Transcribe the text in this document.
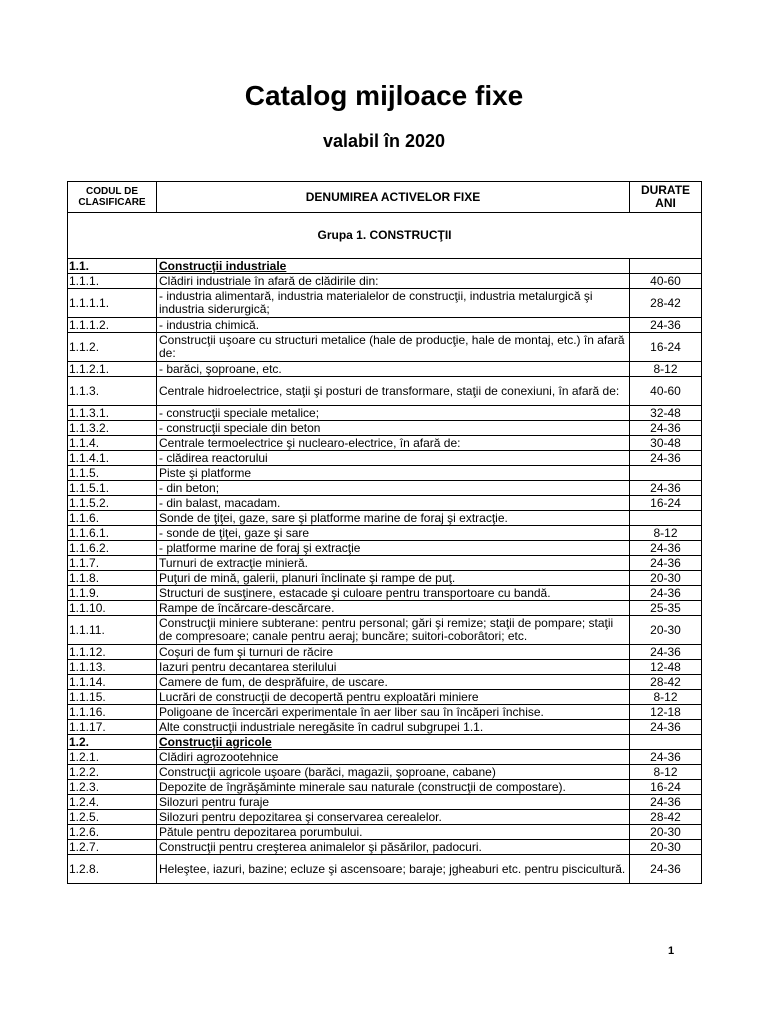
Catalog mijloace fixe
valabil în 2020
CODUL DE CLASIFICARE	DENUMIREA ACTIVELOR FIXE	DURATE ANI
Grupa 1. CONSTRUCŢII		
1.1.	Construcţii industriale	
1.1.1.	Clădiri industriale în afară de clădirile din:	40-60
1.1.1.1.	- industria alimentară, industria materialelor de construcţii, industria metalurgică şi industria siderurgică;	28-42
1.1.1.2.	- industria chimică.	24-36
1.1.2.	Construcţii uşoare cu structuri metalice (hale de producţie, hale de montaj, etc.) în afară de:	16-24
1.1.2.1.	- barăci, şoproane, etc.	8-12
1.1.3.	Centrale hidroelectrice, staţii şi posturi de transformare, staţii de conexiuni, în afară de:	40-60
1.1.3.1.	- construcţii speciale metalice;	32-48
1.1.3.2.	- construcţii speciale din beton	24-36
1.1.4.	Centrale termoelectrice şi nuclearo-electrice, în afară de:	30-48
1.1.4.1.	- clădirea reactorului	24-36
1.1.5.	Piste şi platforme	
1.1.5.1.	- din beton;	24-36
1.1.5.2.	- din balast, macadam.	16-24
1.1.6.	Sonde de ţiţei, gaze, sare şi platforme marine de foraj şi extracţie.	
1.1.6.1.	- sonde de ţiţei, gaze şi sare	8-12
1.1.6.2.	- platforme marine de foraj şi extracţie	24-36
1.1.7.	Turnuri de extracţie minieră.	24-36
1.1.8.	Puţuri de mină, galerii, planuri înclinate şi rampe de puţ.	20-30
1.1.9.	Structuri de susţinere, estacade şi culoare pentru transportoare cu bandă.	24-36
1.1.10.	Rampe de încărcare-descărcare.	25-35
1.1.11.	Construcţii miniere subterane: pentru personal; gări şi remize; staţii de pompare; staţii de compresoare; canale pentru aeraj; buncăre; suitori-coborâtori; etc.	20-30
1.1.12.	Coşuri de fum şi turnuri de răcire	24-36
1.1.13.	Iazuri pentru decantarea sterilului	12-48
1.1.14.	Camere de fum, de desprăfuire, de uscare.	28-42
1.1.15.	Lucrări de construcţii de decopertă pentru exploatări miniere	8-12
1.1.16.	Poligoane de încercări experimentale în aer liber sau în încăperi închise.	12-18
1.1.17.	Alte construcţii industriale neregăsite în cadrul subgrupei 1.1.	24-36
1.2.	Construcţii agricole	
1.2.1.	Clădiri agrozootehnice	24-36
1.2.2.	Construcţii agricole uşoare (barăci, magazii, şoproane, cabane)	8-12
1.2.3.	Depozite de îngrăşăminte minerale sau naturale (construcţii de compostare).	16-24
1.2.4.	Silozuri pentru furaje	24-36
1.2.5.	Silozuri pentru depozitarea şi conservarea cerealelor.	28-42
1.2.6.	Pătule pentru depozitarea porumbului.	20-30
1.2.7.	Construcţii pentru creşterea animalelor şi păsărilor, padocuri.	20-30
1.2.8.	Heleştee, iazuri, bazine; ecluze şi ascensoare; baraje; jgheaburi etc. pentru piscicultură.	24-36
1
